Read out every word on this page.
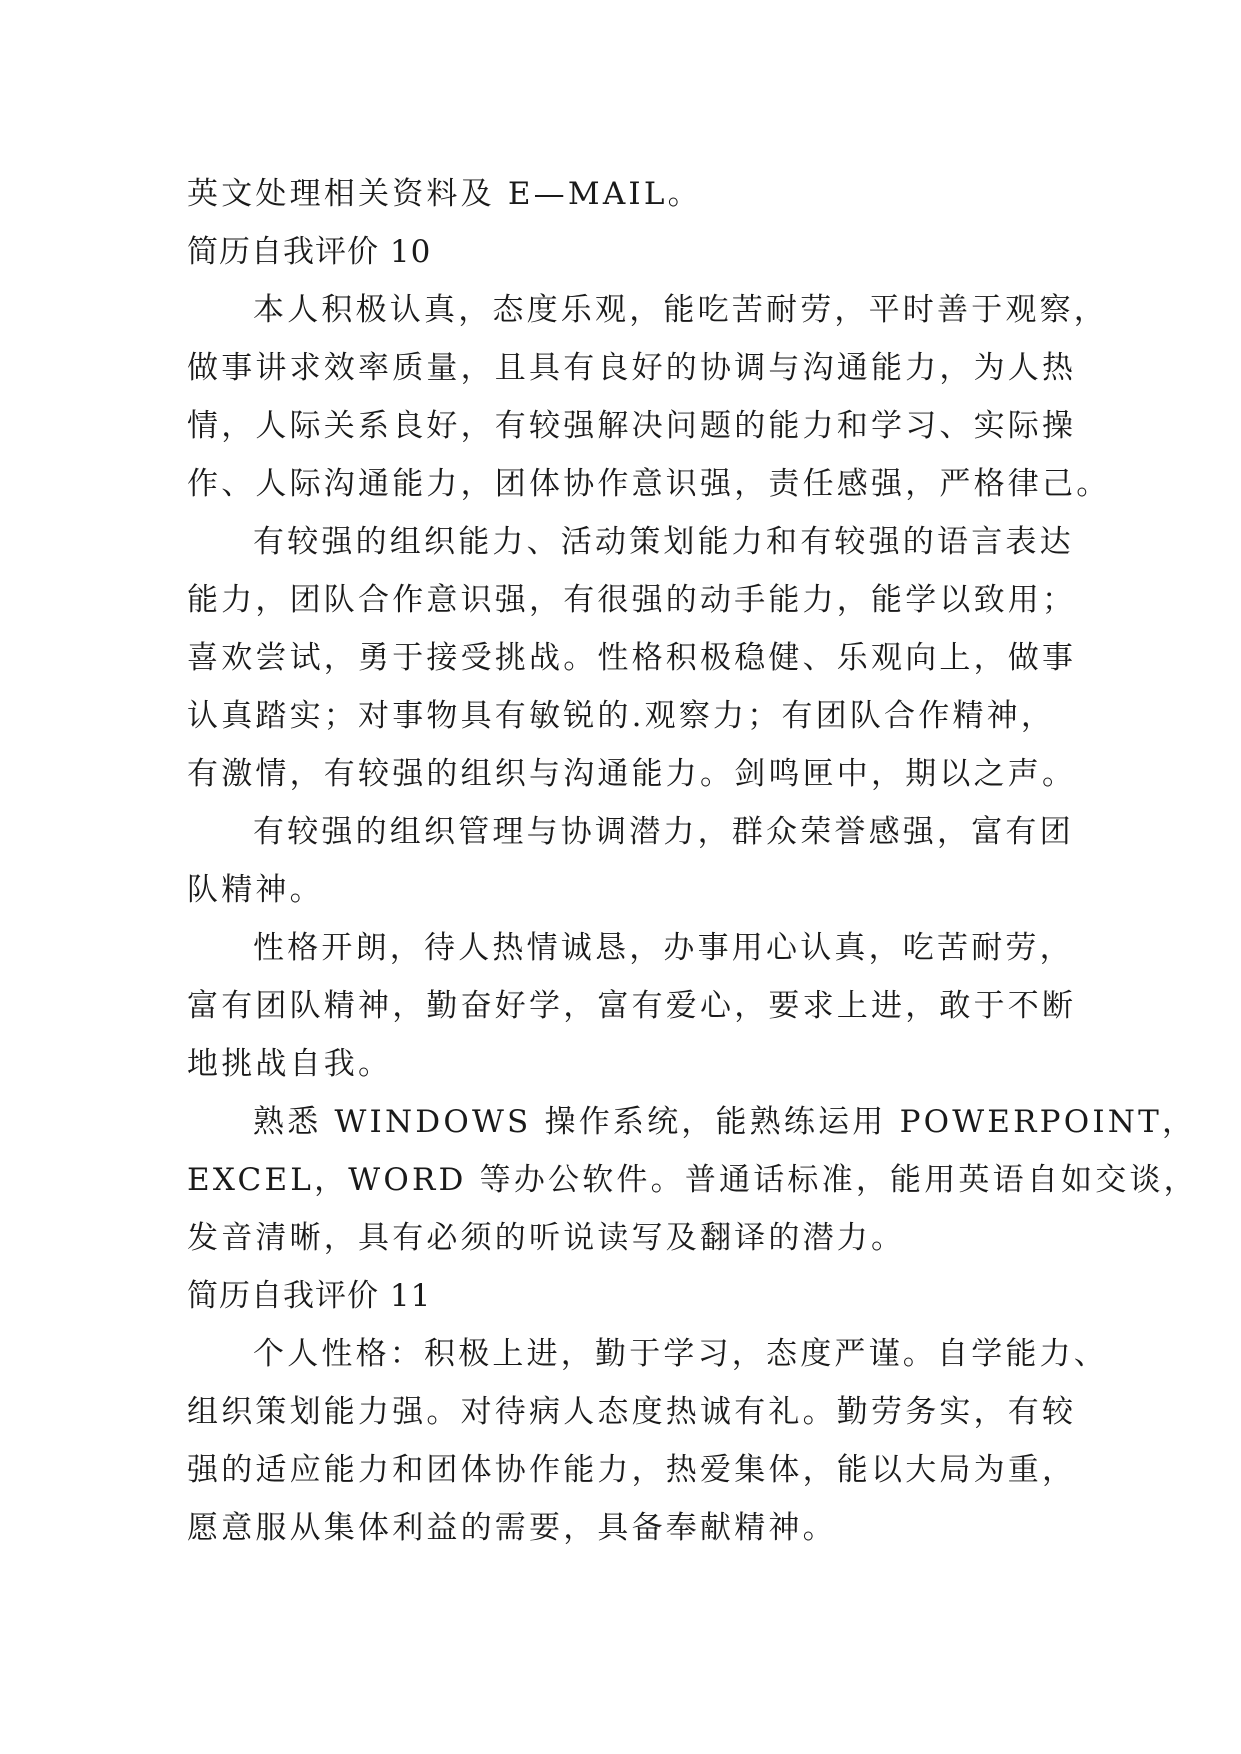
英文处理相关资料及 E—MAIL。
简历自我评价 10
本人积极认真，态度乐观，能吃苦耐劳，平时善于观察，
做事讲求效率质量，且具有良好的协调与沟通能力，为人热
情，人际关系良好，有较强解决问题的能力和学习、实际操
作、人际沟通能力，团体协作意识强，责任感强，严格律己。
有较强的组织能力、活动策划能力和有较强的语言表达
能力，团队合作意识强，有很强的动手能力，能学以致用；
喜欢尝试，勇于接受挑战。性格积极稳健、乐观向上，做事
认真踏实；对事物具有敏锐的.观察力；有团队合作精神，
有激情，有较强的组织与沟通能力。剑鸣匣中，期以之声。
有较强的组织管理与协调潜力，群众荣誉感强，富有团
队精神。
性格开朗，待人热情诚恳，办事用心认真，吃苦耐劳，
富有团队精神，勤奋好学，富有爱心，要求上进，敢于不断
地挑战自我。
熟悉 WINDOWS 操作系统，能熟练运用 POWERPOINT，
EXCEL，WORD 等办公软件。普通话标准，能用英语自如交谈，
发音清晰，具有必须的听说读写及翻译的潜力。
简历自我评价 11
个人性格：积极上进，勤于学习，态度严谨。自学能力、
组织策划能力强。对待病人态度热诚有礼。勤劳务实，有较
强的适应能力和团体协作能力，热爱集体，能以大局为重，
愿意服从集体利益的需要，具备奉献精神。
